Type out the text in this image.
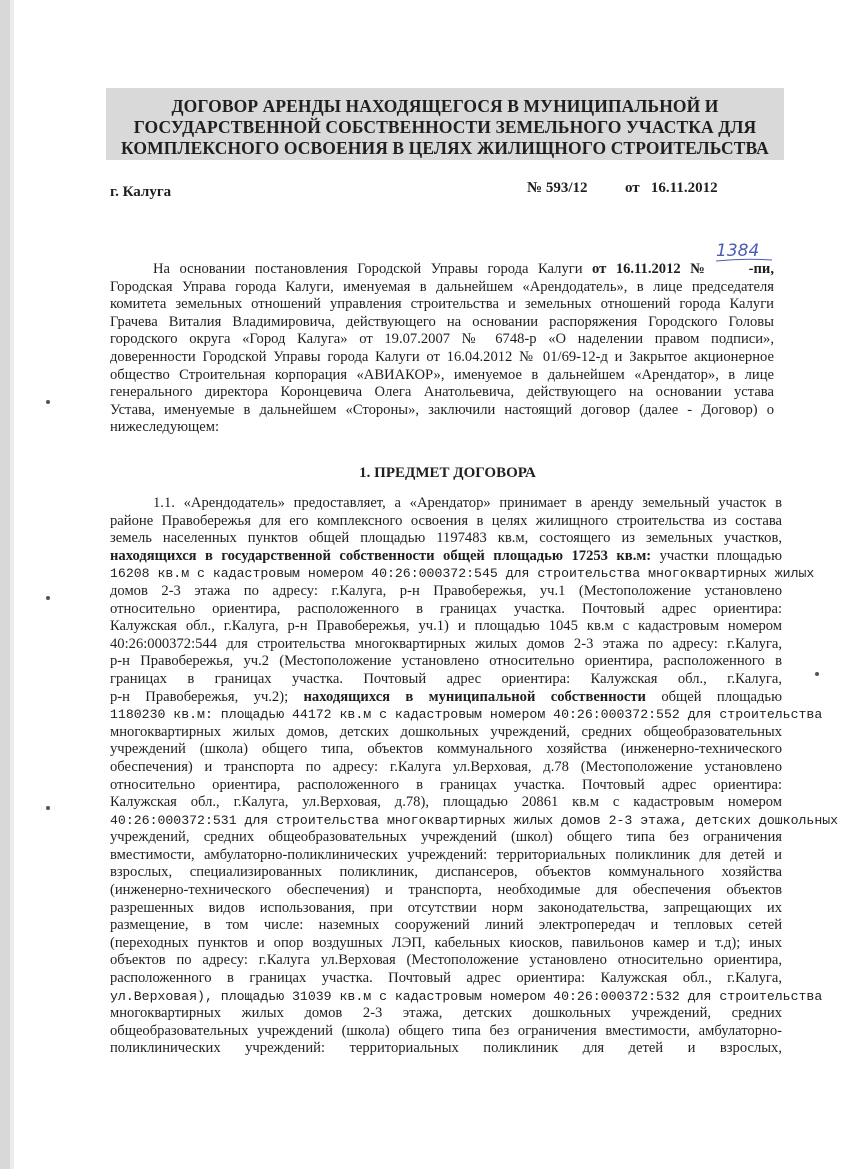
ДОГОВОР АРЕНДЫ НАХОДЯЩЕГОСЯ В МУНИЦИПАЛЬНОЙ И
ГОСУДАРСТВЕННОЙ СОБСТВЕННОСТИ ЗЕМЕЛЬНОГО УЧАСТКА ДЛЯ
КОМПЛЕКСНОГО ОСВОЕНИЯ В ЦЕЛЯХ ЖИЛИЩНОГО СТРОИТЕЛЬСТВА
г. Калуга	№ 593/12	от 16.11.2012
1384
На основании постановления Городской Управы города Калуги от 16.11.2012 №    -пи,
Городская Управа города Калуги, именуемая в дальнейшем «Арендодатель», в лице председателя
комитета земельных отношений управления строительства и земельных отношений города Калуги
Грачева Виталия Владимировича, действующего на основании распоряжения Городского Головы
городского округа «Город Калуга» от 19.07.2007 № 6748-р «О наделении правом подписи»,
доверенности Городской Управы города Калуги от 16.04.2012 № 01/69-12-д и Закрытое акционерное
общество Строительная корпорация «АВИАКОР», именуемое в дальнейшем «Арендатор», в лице
генерального директора Коронцевича Олега Анатольевича, действующего на основании устава
Устава, именуемые в дальнейшем «Стороны», заключили настоящий договор (далее - Договор) о
нижеследующем:
1. ПРЕДМЕТ ДОГОВОРА
1.1. «Арендодатель» предоставляет, а «Арендатор» принимает в аренду земельный участок в
районе Правобережья для его комплексного освоения в целях жилищного строительства из состава
земель населенных пунктов общей площадью 1197483 кв.м, состоящего из земельных участков,
находящихся в государственной собственности общей площадью 17253 кв.м: участки площадью
16208 кв.м с кадастровым номером 40:26:000372:545 для строительства многоквартирных жилых
домов 2-3 этажа по адресу: г.Калуга, р-н Правобережья, уч.1 (Местоположение установлено
относительно ориентира, расположенного в границах участка. Почтовый адрес ориентира:
Калужская обл., г.Калуга, р-н Правобережья, уч.1) и площадью 1045 кв.м с кадастровым номером
40:26:000372:544 для строительства многоквартирных жилых домов 2-3 этажа по адресу: г.Калуга,
р-н Правобережья, уч.2 (Местоположение установлено относительно ориентира, расположенного в
границах в границах участка. Почтовый адрес ориентира: Калужская обл., г.Калуга,
р-н Правобережья, уч.2); находящихся в муниципальной собственности общей площадью
1180230 кв.м: площадью 44172 кв.м с кадастровым номером 40:26:000372:552 для строительства
многоквартирных жилых домов, детских дошкольных учреждений, средних общеобразовательных
учреждений (школа) общего типа, объектов коммунального хозяйства (инженерно-технического
обеспечения) и транспорта по адресу: г.Калуга ул.Верховая, д.78 (Местоположение установлено
относительно ориентира, расположенного в границах участка. Почтовый адрес ориентира:
Калужская обл., г.Калуга, ул.Верховая, д.78), площадью 20861 кв.м с кадастровым номером
40:26:000372:531 для строительства многоквартирных жилых домов 2-3 этажа, детских дошкольных
учреждений, средних общеобразовательных учреждений (школ) общего типа без ограничения
вместимости, амбулаторно-поликлинических учреждений: территориальных поликлиник для детей и
взрослых, специализированных поликлиник, диспансеров, объектов коммунального хозяйства
(инженерно-технического обеспечения) и транспорта, необходимые для обеспечения объектов
разрешенных видов использования, при отсутствии норм законодательства, запрещающих их
размещение, в том числе: наземных сооружений линий электропередач и тепловых сетей
(переходных пунктов и опор воздушных ЛЭП, кабельных киосков, павильонов камер и т.д); иных
объектов по адресу: г.Калуга ул.Верховая (Местоположение установлено относительно ориентира,
расположенного в границах участка. Почтовый адрес ориентира: Калужская обл., г.Калуга,
ул.Верховая), площадью 31039 кв.м с кадастровым номером 40:26:000372:532 для строительства
многоквартирных жилых домов 2-3 этажа, детских дошкольных учреждений, средних
общеобразовательных учреждений (школа) общего типа без ограничения вместимости, амбулаторно-
поликлинических учреждений: территориальных поликлиник для детей и взрослых,
